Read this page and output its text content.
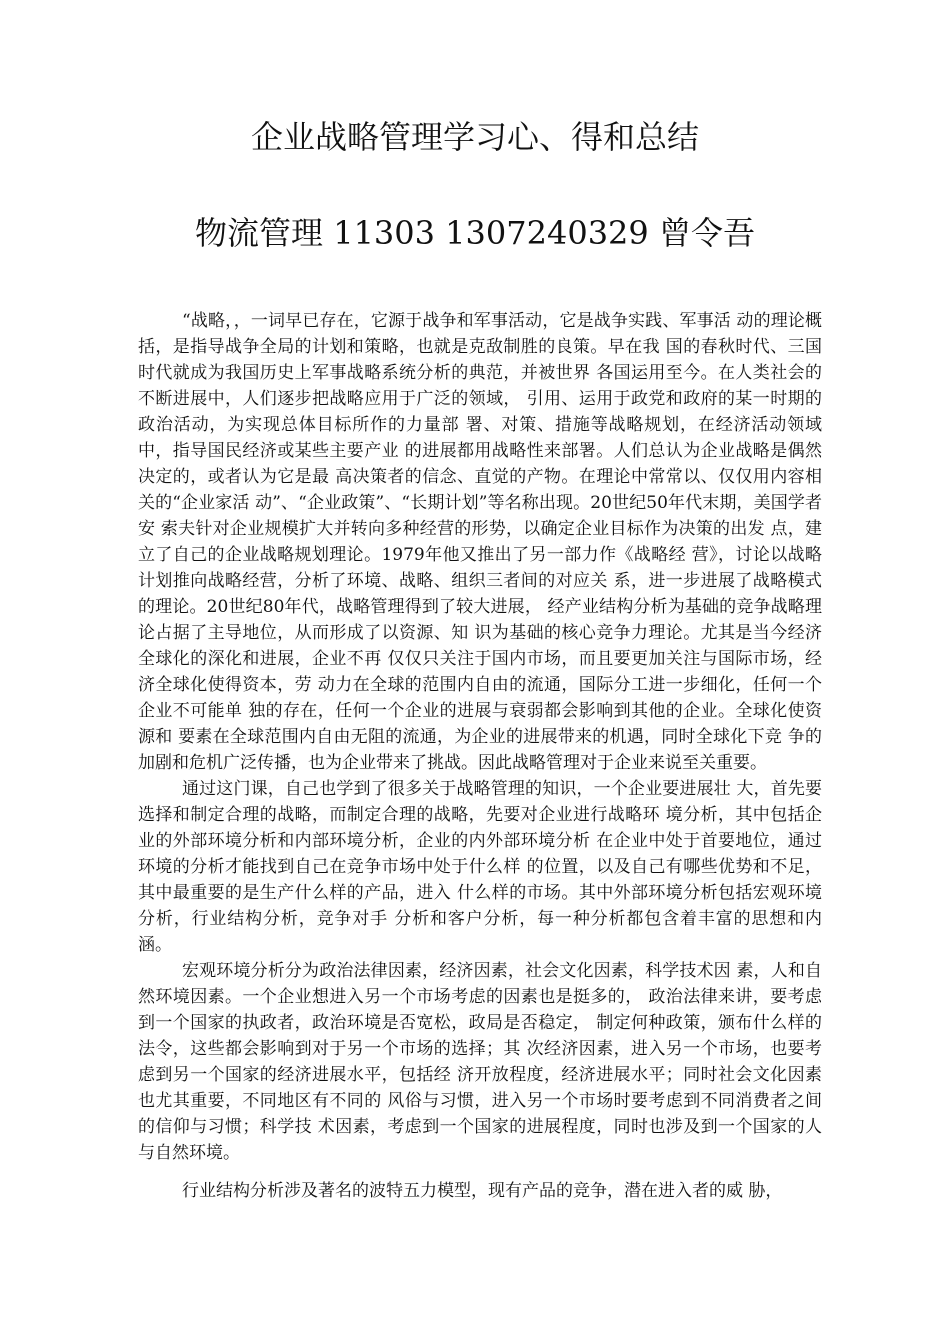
企业战略管理学习心、得和总结
物流管理 11303 1307240329 曾令吾

“战略，，一词早已存在，它源于战争和军事活动，它是战争实践、军事活 动的理论概括，是指导战争全局的计划和策略，也就是克敌制胜的良策。早在我 国的春秋时代、三国时代就成为我国历史上军事战略系统分析的典范，并被世界 各国运用至今。在人类社会的不断进展中，人们逐步把战略应用于广泛的领域， 引用、运用于政党和政府的某一时期的政治活动，为实现总体目标所作的力量部 署、对策、措施等战略规划，在经济活动领域中，指导国民经济或某些主要产业 的进展都用战略性来部署。人们总认为企业战略是偶然决定的，或者认为它是最 高决策者的信念、直觉的产物。在理论中常常以、仅仅用内容相关的“企业家活 动”、“企业政策”、“长期计划”等名称出现。20世纪50年代末期，美国学者安 索夫针对企业规模扩大并转向多种经营的形势，以确定企业目标作为决策的出发 点，建立了自己的企业战略规划理论。1979年他又推出了另一部力作《战略经 营》，讨论以战略计划推向战略经营，分析了环境、战略、组织三者间的对应关 系，进一步进展了战略模式的理论。20世纪80年代，战略管理得到了较大进展， 经产业结构分析为基础的竞争战略理论占据了主导地位，从而形成了以资源、知 识为基础的核心竞争力理论。尤其是当今经济全球化的深化和进展，企业不再 仅仅只关注于国内市场，而且要更加关注与国际市场，经济全球化使得资本，劳 动力在全球的范围内自由的流通，国际分工进一步细化，任何一个企业不可能单 独的存在，任何一个企业的进展与衰弱都会影响到其他的企业。全球化使资源和 要素在全球范围内自由无阻的流通，为企业的进展带来的机遇，同时全球化下竞 争的加剧和危机广泛传播，也为企业带来了挑战。因此战略管理对于企业来说至关重要。

通过这门课，自己也学到了很多关于战略管理的知识，一个企业要进展壮 大，首先要选择和制定合理的战略，而制定合理的战略，先要对企业进行战略环 境分析，其中包括企业的外部环境分析和内部环境分析，企业的内外部环境分析 在企业中处于首要地位，通过环境的分析才能找到自己在竞争市场中处于什么样 的位置，以及自己有哪些优势和不足，其中最重要的是生产什么样的产品，进入 什么样的市场。其中外部环境分析包括宏观环境分析，行业结构分析，竞争对手 分析和客户分析，每一种分析都包含着丰富的思想和内涵。

宏观环境分析分为政治法律因素，经济因素，社会文化因素，科学技术因 素，人和自然环境因素。一个企业想进入另一个市场考虑的因素也是挺多的， 政治法律来讲，要考虑到一个国家的执政者，政治环境是否宽松，政局是否稳定， 制定何种政策，颁布什么样的法令，这些都会影响到对于另一个市场的选择；其 次经济因素，进入另一个市场，也要考虑到另一个国家的经济进展水平，包括经 济开放程度，经济进展水平；同时社会文化因素也尤其重要，不同地区有不同的 风俗与习惯，进入另一个市场时要考虑到不同消费者之间的信仰与习惯；科学技 术因素，考虑到一个国家的进展程度，同时也涉及到一个国家的人与自然环境。

行业结构分析涉及著名的波特五力模型，现有产品的竞争，潜在进入者的威 胁，
